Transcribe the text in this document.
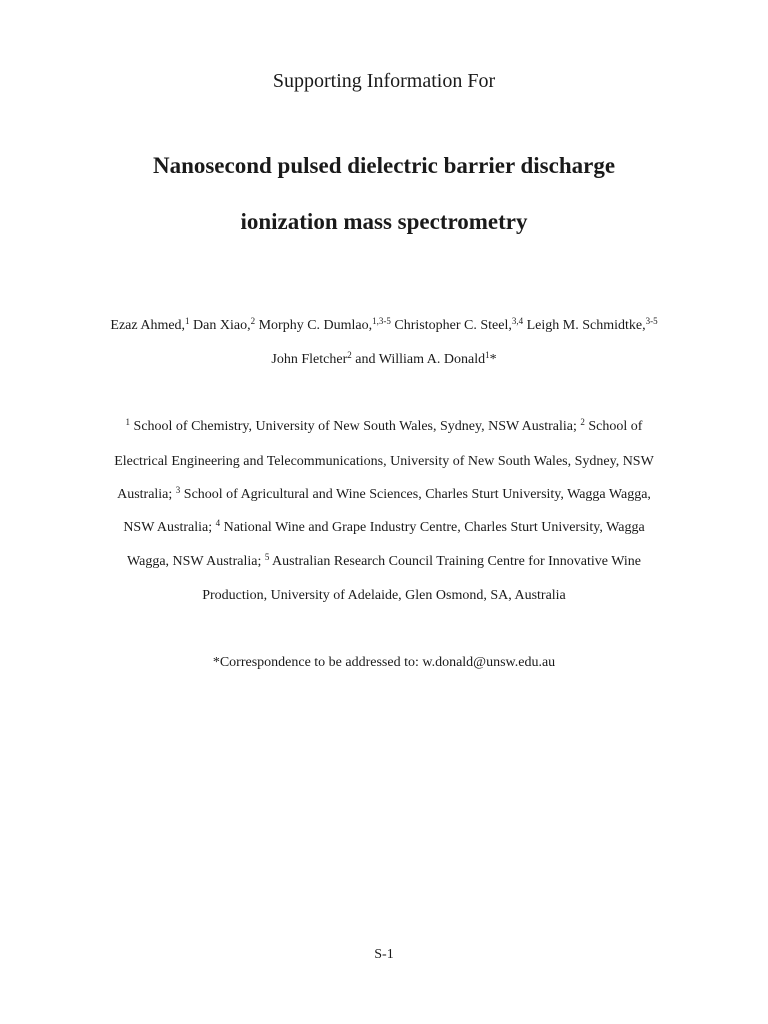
Supporting Information For
Nanosecond pulsed dielectric barrier discharge
ionization mass spectrometry
Ezaz Ahmed,$^1$ Dan Xiao,$^2$ Morphy C. Dumlao,$^{1,3-5}$ Christopher C. Steel,$^{3,4}$ Leigh M. Schmidtke,$^{3-5}$
John Fletcher$^2$ and William A. Donald$^1$*
$^1$ School of Chemistry, University of New South Wales, Sydney, NSW Australia; $^2$ School of
Electrical Engineering and Telecommunications, University of New South Wales, Sydney, NSW
Australia; $^3$ School of Agricultural and Wine Sciences, Charles Sturt University, Wagga Wagga,
NSW Australia; $^4$ National Wine and Grape Industry Centre, Charles Sturt University, Wagga
Wagga, NSW Australia; $^5$ Australian Research Council Training Centre for Innovative Wine
Production, University of Adelaide, Glen Osmond, SA, Australia
*Correspondence to be addressed to: w.donald@unsw.edu.au
S-1
